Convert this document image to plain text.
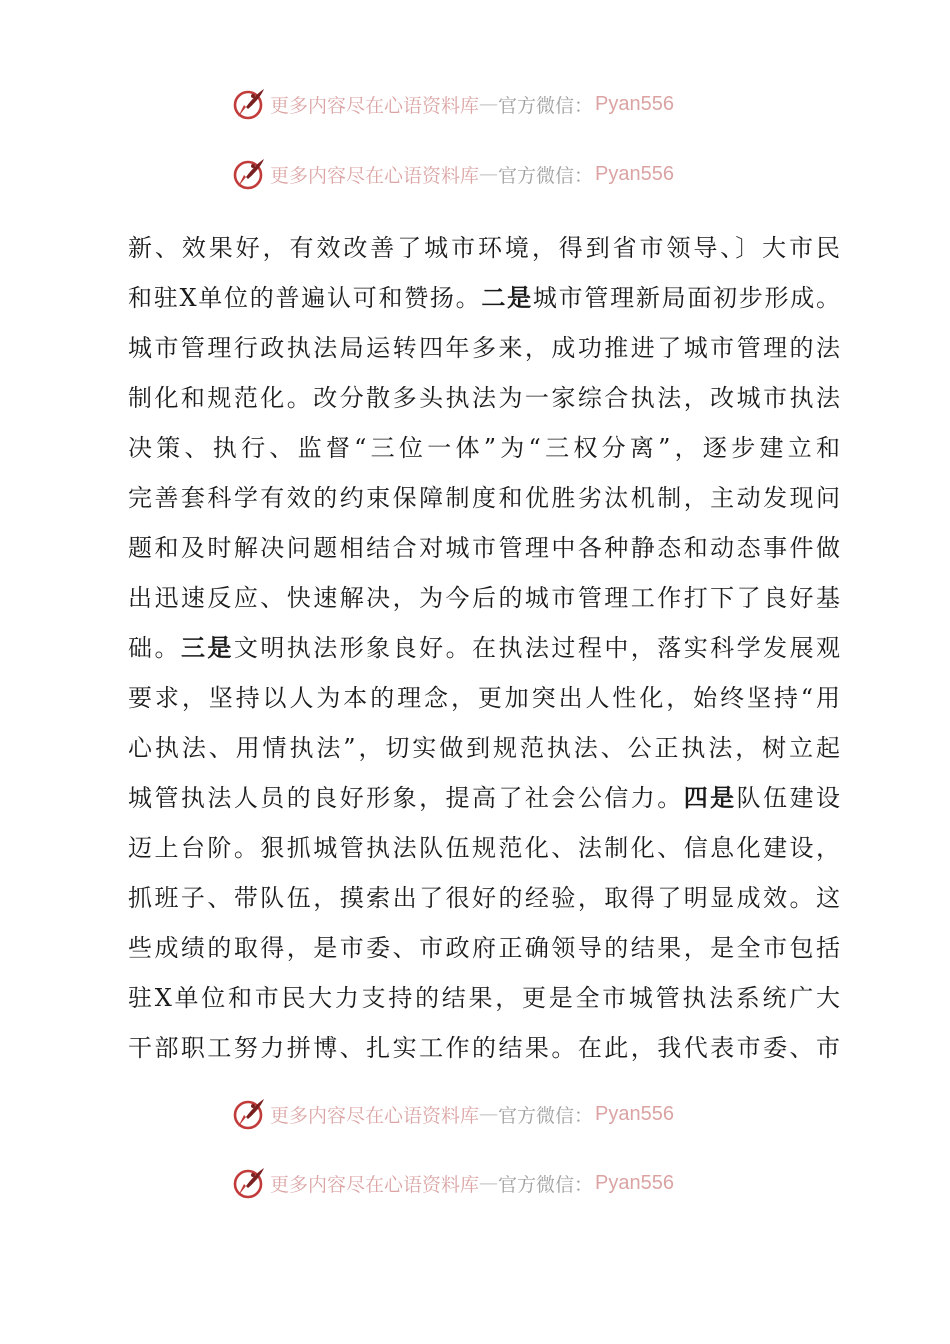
更多内容尽在心语资料库 — 官方微信： Pyan556
更多内容尽在心语资料库 — 官方微信： Pyan556
新、效果好，有效改善了城市环境，得到省市领导、〕大市民
和驻X单位的普遍认可和赞扬。二是城市管理新局面初步形成。
城市管理行政执法局运转四年多来，成功推进了城市管理的法
制化和规范化。改分散多头执法为一家综合执法，改城市执法
决策、执行、监督“三位一体”为“三权分离”，逐步建立和
完善套科学有效的约束保障制度和优胜劣汰机制，主动发现问
题和及时解决问题相结合对城市管理中各种静态和动态事件做
出迅速反应、快速解决，为今后的城市管理工作打下了良好基
础。三是文明执法形象良好。在执法过程中，落实科学发展观
要求，坚持以人为本的理念，更加突出人性化，始终坚持“用
心执法、用情执法”，切实做到规范执法、公正执法，树立起
城管执法人员的良好形象，提高了社会公信力。四是队伍建设
迈上台阶。狠抓城管执法队伍规范化、法制化、信息化建设，
抓班子、带队伍，摸索出了很好的经验，取得了明显成效。这
些成绩的取得，是市委、市政府正确领导的结果，是全市包括
驻X单位和市民大力支持的结果，更是全市城管执法系统广大
干部职工努力拼博、扎实工作的结果。在此，我代表市委、市
更多内容尽在心语资料库 — 官方微信： Pyan556
更多内容尽在心语资料库 — 官方微信： Pyan556
